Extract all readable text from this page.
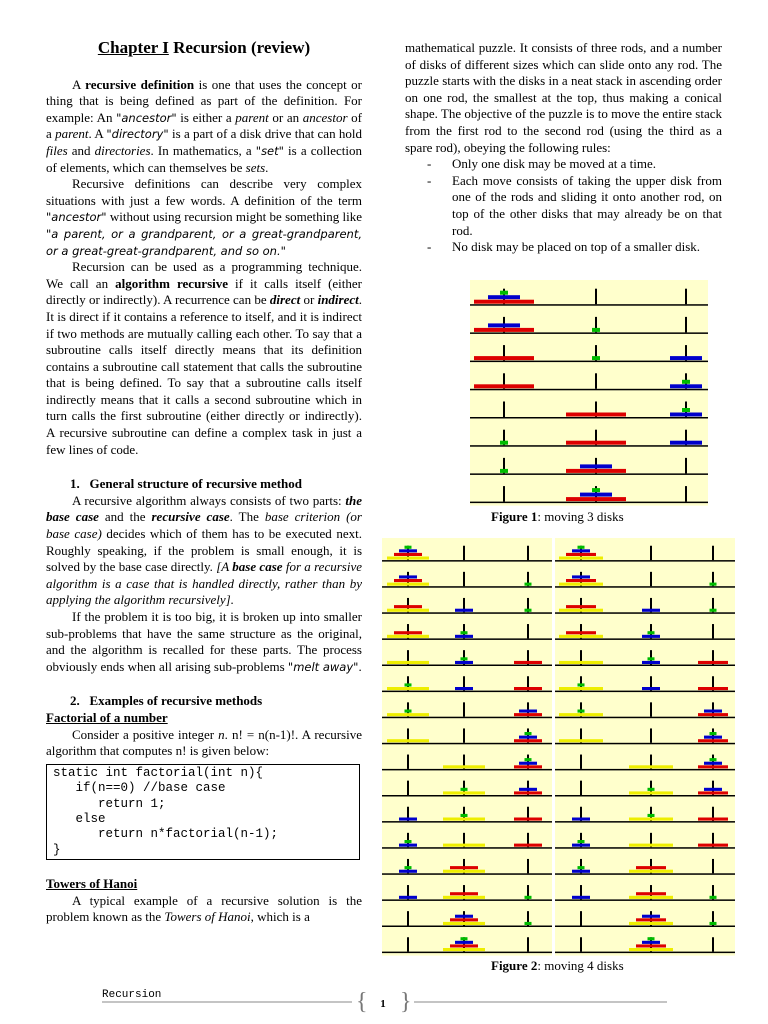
Chapter I Recursion (review)

A recursive definition is one that uses the concept or thing that is being defined as part of the definition. For example: An "ancestor" is either a parent or an ancestor of a parent. A "directory" is a part of a disk drive that can hold files and directories. In mathematics, a "set" is a collection of elements, which can themselves be sets.

Recursive definitions can describe very complex situations with just a few words. A definition of the term "ancestor" without using recursion might be something like "a parent, or a grandparent, or a great-grandparent, or a great-great-grandparent, and so on."

Recursion can be used as a programming technique. We call an algorithm recursive if it calls itself (either directly or indirectly). A recurrence can be direct or indirect. It is direct if it contains a reference to itself, and it is indirect if two methods are mutually calling each other. To say that a subroutine calls itself directly means that its definition contains a subroutine call statement that calls the subroutine that is being defined. To say that a subroutine calls itself indirectly means that it calls a second subroutine which in turn calls the first subroutine (either directly or indirectly). A recursive subroutine can define a complex task in just a few lines of code.

1.   General structure of recursive method

A recursive algorithm always consists of two parts: the base case and the recursive case. The base criterion (or base case) decides which of them has to be executed next. Roughly speaking, if the problem is small enough, it is solved by the base case directly. [A base case for a recursive algorithm is a case that is handled directly, rather than by applying the algorithm recursively].

If the problem it is too big, it is broken up into smaller sub-problems that have the same structure as the original, and the algorithm is recalled for these parts. The process obviously ends when all arising sub-problems "melt away".

2.   Examples of recursive methods

Factorial of a number

Consider a positive integer n. n! = n(n-1)!. A recursive algorithm that computes n! is given below:

static int factorial(int n){
if(n==0) //base case
return 1;
else
return n*factorial(n-1);
}

Towers of Hanoi

A typical example of a recursive solution is the problem known as the Towers of Hanoi, which is a

mathematical puzzle. It consists of three rods, and a number of disks of different sizes which can slide onto any rod. The puzzle starts with the disks in a neat stack in ascending order on one rod, the smallest at the top, thus making a conical shape. The objective of the puzzle is to move the entire stack from the first rod to the second rod (using the third as a spare rod), obeying the following rules:

- Only one disk may be moved at a time.
- Each move consists of taking the upper disk from one of the rods and sliding it onto another rod, on top of the other disks that may already be on that rod.
- No disk may be placed on top of a smaller disk.
Figure 1: moving 3 disks
Figure 2: moving 4 disks
Recursion	{ }
1
